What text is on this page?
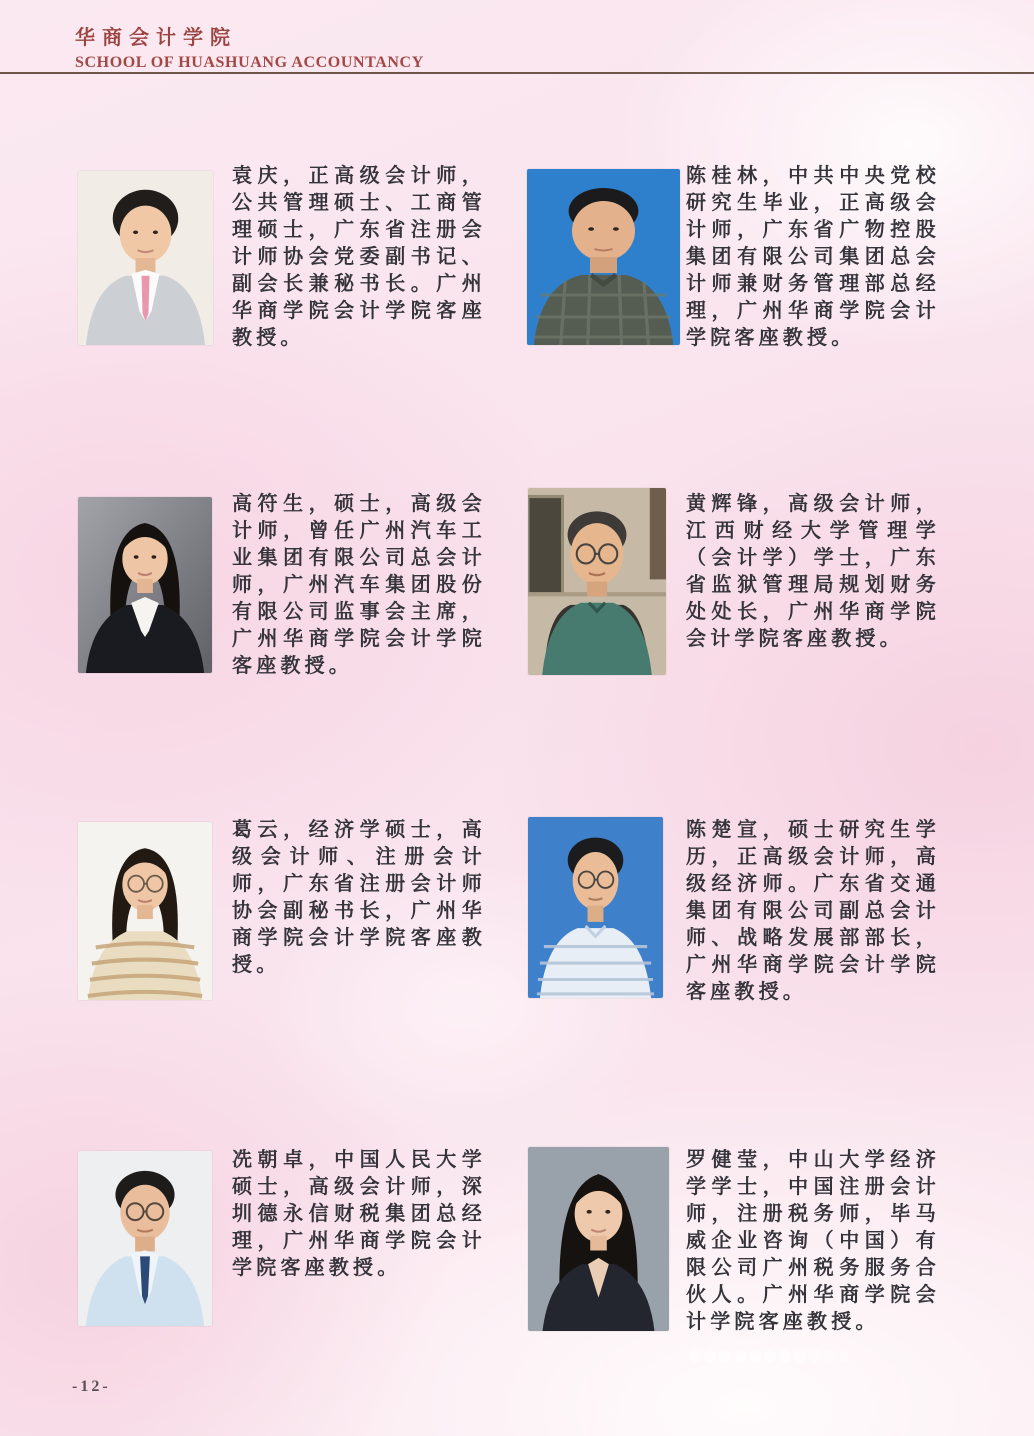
华商会计学院
SCHOOL OF HUASHUANG ACCOUNTANCY

袁庆，正高级会计师，公共管理硕士、工商管理硕士，广东省注册会计师协会党委副书记、副会长兼秘书长。广州华商学院会计学院客座教授。

陈桂林，中共中央党校研究生毕业，正高级会计师，广东省广物控股集团有限公司集团总会计师兼财务管理部总经理，广州华商学院会计学院客座教授。

高符生，硕士，高级会计师，曾任广州汽车工业集团有限公司总会计师，广州汽车集团股份有限公司监事会主席，广州华商学院会计学院客座教授。

黄辉锋，高级会计师，江西财经大学管理学（会计学）学士，广东省监狱管理局规划财务处处长，广州华商学院会计学院客座教授。

葛云，经济学硕士，高级会计师、注册会计师，广东省注册会计师协会副秘书长，广州华商学院会计学院客座教授。

陈楚宣，硕士研究生学历，正高级会计师，高级经济师。广东省交通集团有限公司副总会计师、战略发展部部长，广州华商学院会计学院客座教授。

冼朝卓，中国人民大学硕士，高级会计师，深圳德永信财税集团总经理，广州华商学院会计学院客座教授。

罗健莹，中山大学经济学学士，中国注册会计师，注册税务师，毕马威企业咨询（中国）有限公司广州税务服务合伙人。广州华商学院会计学院客座教授。

-12-
